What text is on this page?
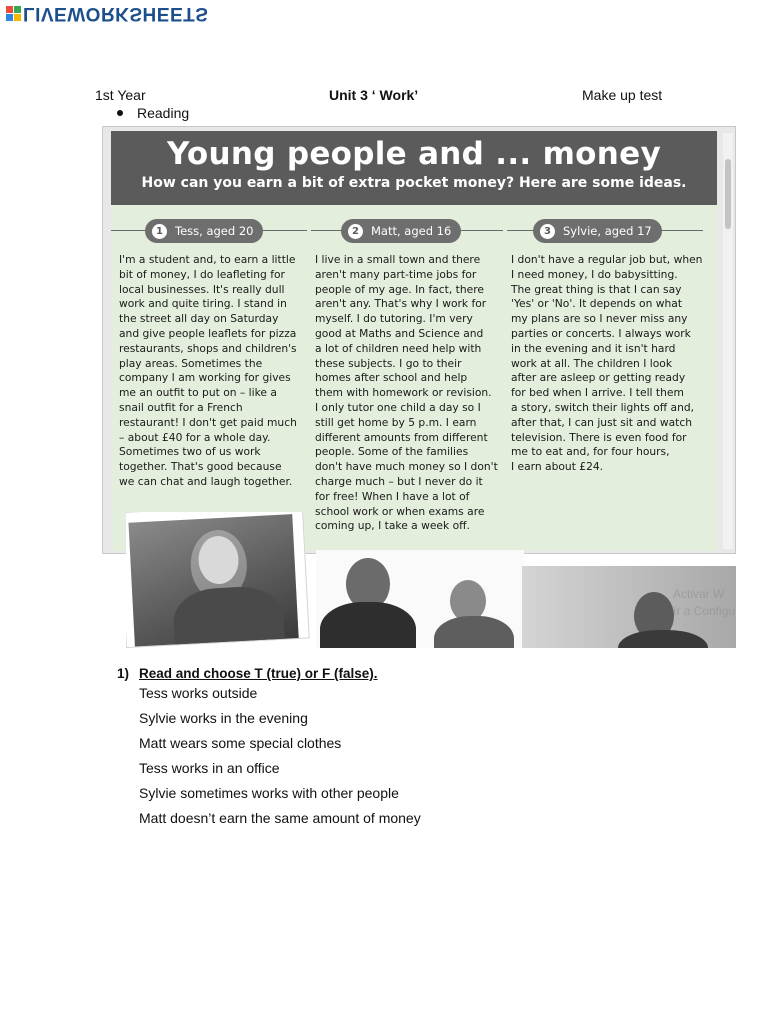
LIVEWORKSHEETS
1st Year	Unit 3 ‘ Work’	Make up test
Reading
Young people and ... money
How can you earn a bit of extra pocket money? Here are some ideas.
1	Tess, aged 20
I'm a student and, to earn a little
bit of money, I do leafleting for
local businesses. It's really dull
work and quite tiring. I stand in
the street all day on Saturday
and give people leaflets for pizza
restaurants, shops and children's
play areas. Sometimes the
company I am working for gives
me an outfit to put on – like a
snail outfit for a French
restaurant! I don't get paid much
– about £40 for a whole day.
Sometimes two of us work
together. That's good because
we can chat and laugh together.
2	Matt, aged 16
I live in a small town and there
aren't many part-time jobs for
people of my age. In fact, there
aren't any. That's why I work for
myself. I do tutoring. I'm very
good at Maths and Science and
a lot of children need help with
these subjects. I go to their
homes after school and help
them with homework or revision.
I only tutor one child a day so I
still get home by 5 p.m. I earn
different amounts from different
people. Some of the families
don't have much money so I don't
charge much – but I never do it
for free! When I have a lot of
school work or when exams are
coming up, I take a week off.
3	Sylvie, aged 17
I don't have a regular job but, when
I need money, I do babysitting.
The great thing is that I can say
'Yes' or 'No'. It depends on what
my plans are so I never miss any
parties or concerts. I always work
in the evening and it isn't hard
work at all. The children I look
after are asleep or getting ready
for bed when I arrive. I tell them
a story, switch their lights off and,
after that, I can just sit and watch
television. There is even food for
me to eat and, for four hours,
I earn about £24.
Activar W
Ir a Configu
1) Read and choose T (true) or F (false).
Tess works outside
Sylvie works in the evening
Matt wears some special clothes
Tess works in an office
Sylvie sometimes works with other people
Matt doesn’t earn the same amount of money
